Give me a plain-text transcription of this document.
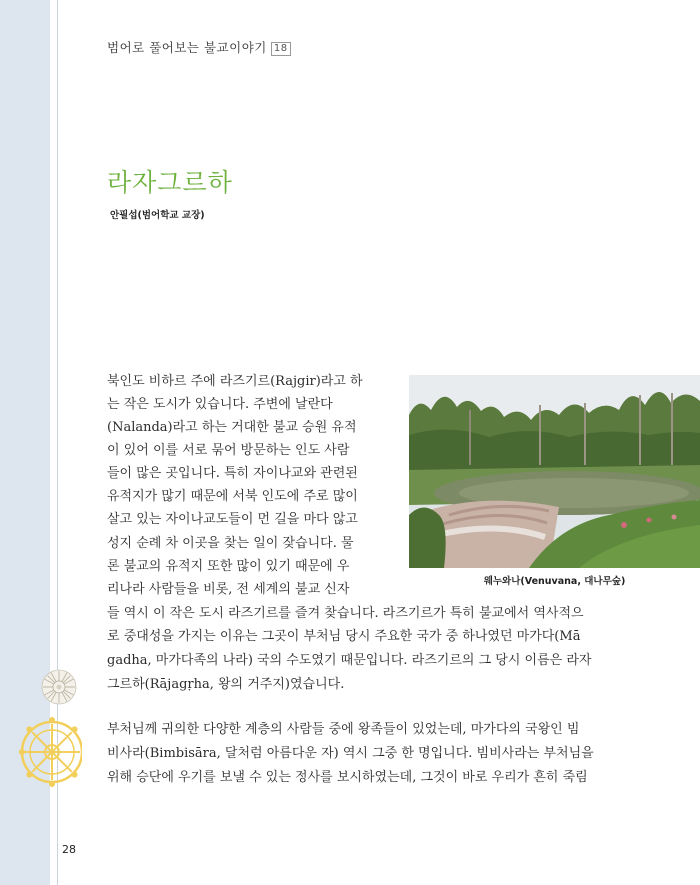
범어로 풀어보는 불교이야기 18
라자그르하
안필섭(범어학교 교장)
웨누와나(Venuvana, 대나무숲)
북인도 비하르 주에 라즈기르(Rajgir)라고 하
는 작은 도시가 있습니다. 주변에 날란다
(Nalanda)라고 하는 거대한 불교 승원 유적
이 있어 이를 서로 묶어 방문하는 인도 사람
들이 많은 곳입니다. 특히 자이나교와 관련된
유적지가 많기 때문에 서북 인도에 주로 많이
살고 있는 자이나교도들이 먼 길을 마다 않고
성지 순례 차 이곳을 찾는 일이 잦습니다. 물
론 불교의 유적지 또한 많이 있기 때문에 우
리나라 사람들을 비롯, 전 세계의 불교 신자
들 역시 이 작은 도시 라즈기르를 즐겨 찾습니다. 라즈기르가 특히 불교에서 역사적으
로 중대성을 가지는 이유는 그곳이 부처님 당시 주요한 국가 중 하나였던 마가다(Mā
gadha, 마가다족의 나라) 국의 수도였기 때문입니다. 라즈기르의 그 당시 이름은 라자
그르하(Rājagṛha, 왕의 거주지)였습니다.
부처님께 귀의한 다양한 계층의 사람들 중에 왕족들이 있었는데, 마가다의 국왕인 빔
비사라(Bimbisāra, 달처럼 아름다운 자) 역시 그중 한 명입니다. 빔비사라는 부처님을
위해 승단에 우기를 보낼 수 있는 정사를 보시하였는데, 그것이 바로 우리가 흔히 죽림
28
